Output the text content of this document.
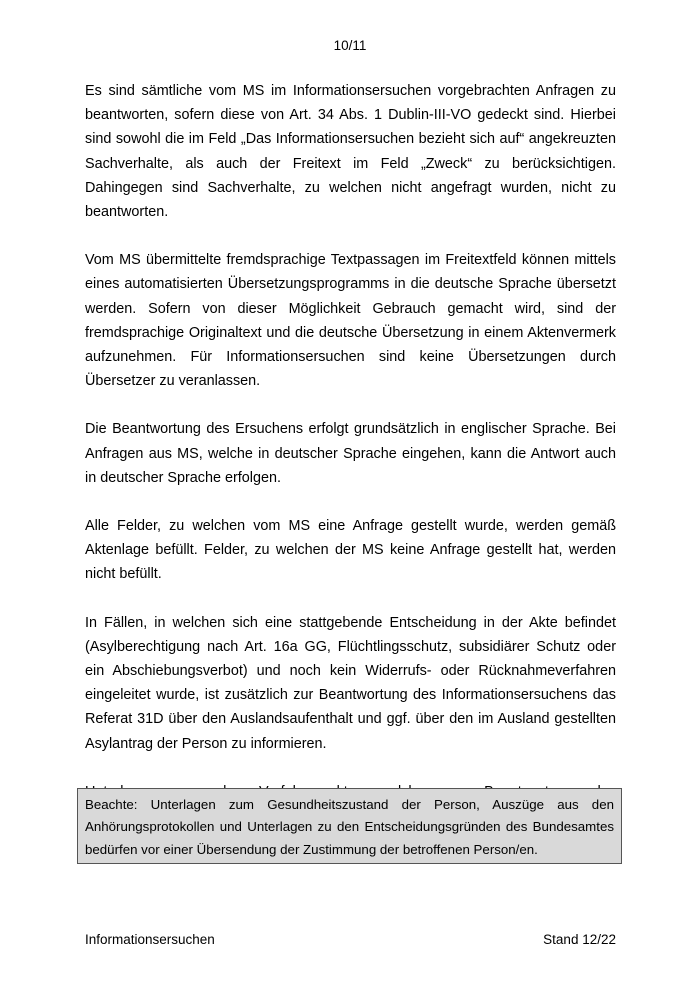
10/11

Es sind sämtliche vom MS im Informationsersuchen vorgebrachten Anfragen zu beantworten, sofern diese von Art. 34 Abs. 1 Dublin-III-VO gedeckt sind. Hierbei sind sowohl die im Feld „Das Informationsersuchen bezieht sich auf“ angekreuzten Sachverhalte, als auch der Freitext im Feld „Zweck“ zu berücksichtigen. Dahingegen sind Sachverhalte, zu welchen nicht angefragt wurden, nicht zu beantworten.

Vom MS übermittelte fremdsprachige Textpassagen im Freitextfeld können mittels eines automatisierten Übersetzungsprogramms in die deutsche Sprache übersetzt werden. Sofern von dieser Möglichkeit Gebrauch gemacht wird, sind der fremdsprachige Originaltext und die deutsche Übersetzung in einem Aktenvermerk aufzunehmen. Für Informationsersuchen sind keine Übersetzungen durch Übersetzer zu veranlassen.

Die Beantwortung des Ersuchens erfolgt grundsätzlich in englischer Sprache. Bei Anfragen aus MS, welche in deutscher Sprache eingehen, kann die Antwort auch in deutscher Sprache erfolgen.

Alle Felder, zu welchen vom MS eine Anfrage gestellt wurde, werden gemäß Aktenlage befüllt. Felder, zu welchen der MS keine Anfrage gestellt hat, werden nicht befüllt.

In Fällen, in welchen sich eine stattgebende Entscheidung in der Akte befindet (Asylberechtigung nach Art. 16a GG, Flüchtlingsschutz, subsidiärer Schutz oder ein Abschiebungsverbot) und noch kein Widerrufs- oder Rücknahmeverfahren eingeleitet wurde, ist zusätzlich zur Beantwortung des Informationsersuchens das Referat 31D über den Auslandsaufenthalt und ggf. über den im Ausland gestellten Asylantrag der Person zu informieren.

Beachte: Unterlagen zum Gesundheitszustand der Person, Auszüge aus den Anhörungsprotokollen und Unterlagen zu den Entscheidungsgründen des Bundesamtes bedürfen vor einer Übersendung der Zustimmung der betroffenen Person/en.
Informationsersuchen	Stand 12/22
